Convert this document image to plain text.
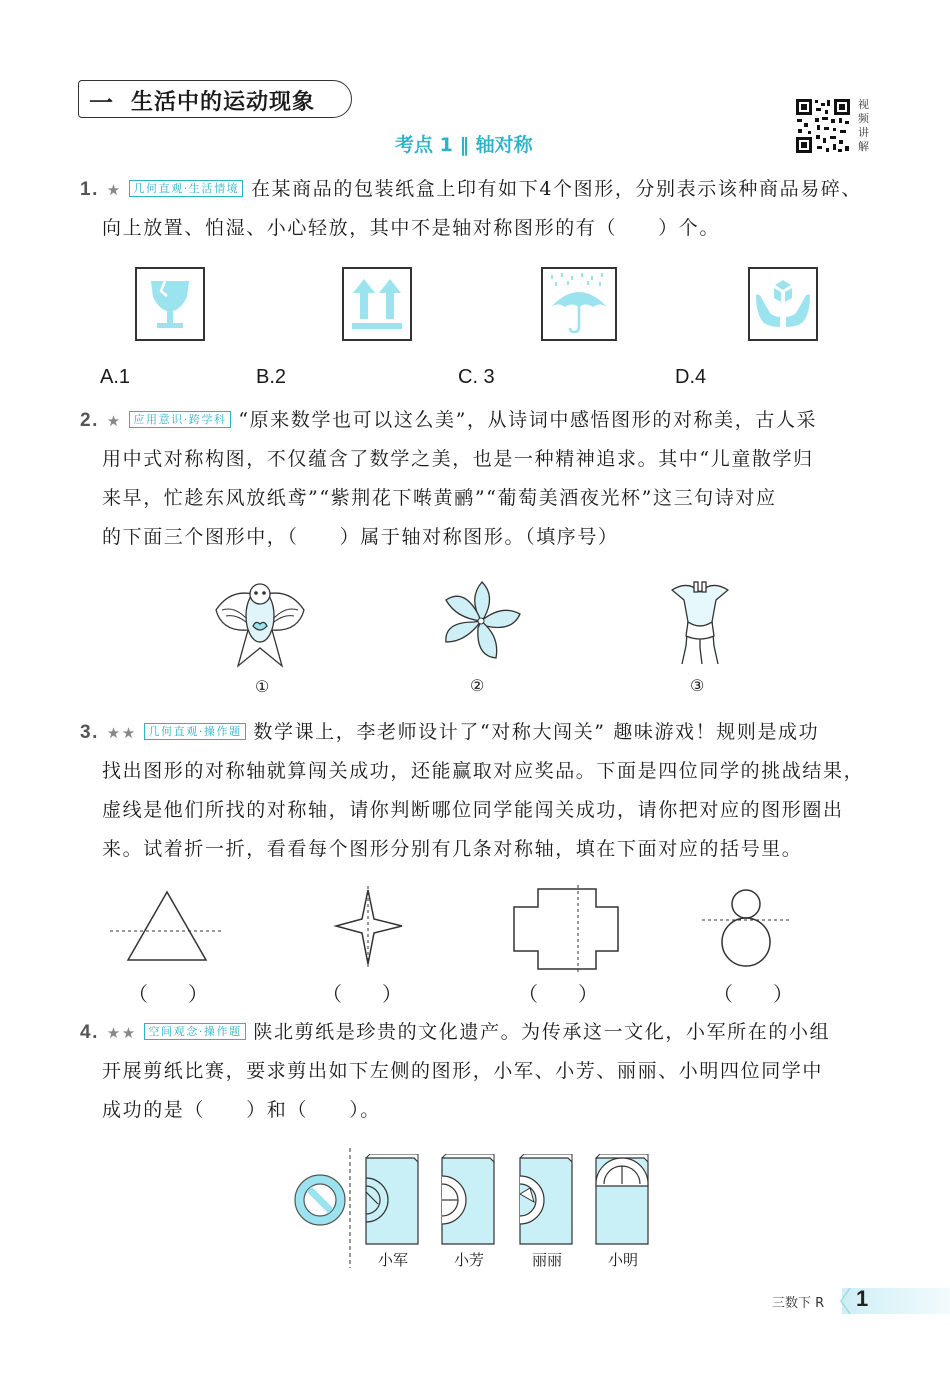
一 生活中的运动现象	视频讲解
考点 1 ‖ 轴对称
1. ★ 几何直观·生活情境 在某商品的包装纸盒上印有如下4个图形，分别表示该种商品易碎、
向上放置、怕湿、小心轻放，其中不是轴对称图形的有（　　）个。
A.1	B.2	C. 3	D.4
2. ★ 应用意识·跨学科 “原来数学也可以这么美”，从诗词中感悟图形的对称美，古人采
用中式对称构图，不仅蕴含了数学之美，也是一种精神追求。其中“儿童散学归
来早，忙趁东风放纸鸢”“紫荆花下啭黄鹂”“葡萄美酒夜光杯”这三句诗对应
的下面三个图形中，（　　）属于轴对称图形。（填序号）
①	②	③
3. ★★ 几何直观·操作题 数学课上，李老师设计了“对称大闯关” 趣味游戏！规则是成功
找出图形的对称轴就算闯关成功，还能赢取对应奖品。下面是四位同学的挑战结果，
虚线是他们所找的对称轴，请你判断哪位同学能闯关成功，请你把对应的图形圈出
来。试着折一折，看看每个图形分别有几条对称轴，填在下面对应的括号里。
（　　）	（　　）	（　　）	（　　）
4. ★★ 空间观念·操作题 陕北剪纸是珍贵的文化遗产。为传承这一文化，小军所在的小组
开展剪纸比赛，要求剪出如下左侧的图形，小军、小芳、丽丽、小明四位同学中
成功的是（　　）和（　　）。
小军	小芳	丽丽	小明
三数下 R 1
